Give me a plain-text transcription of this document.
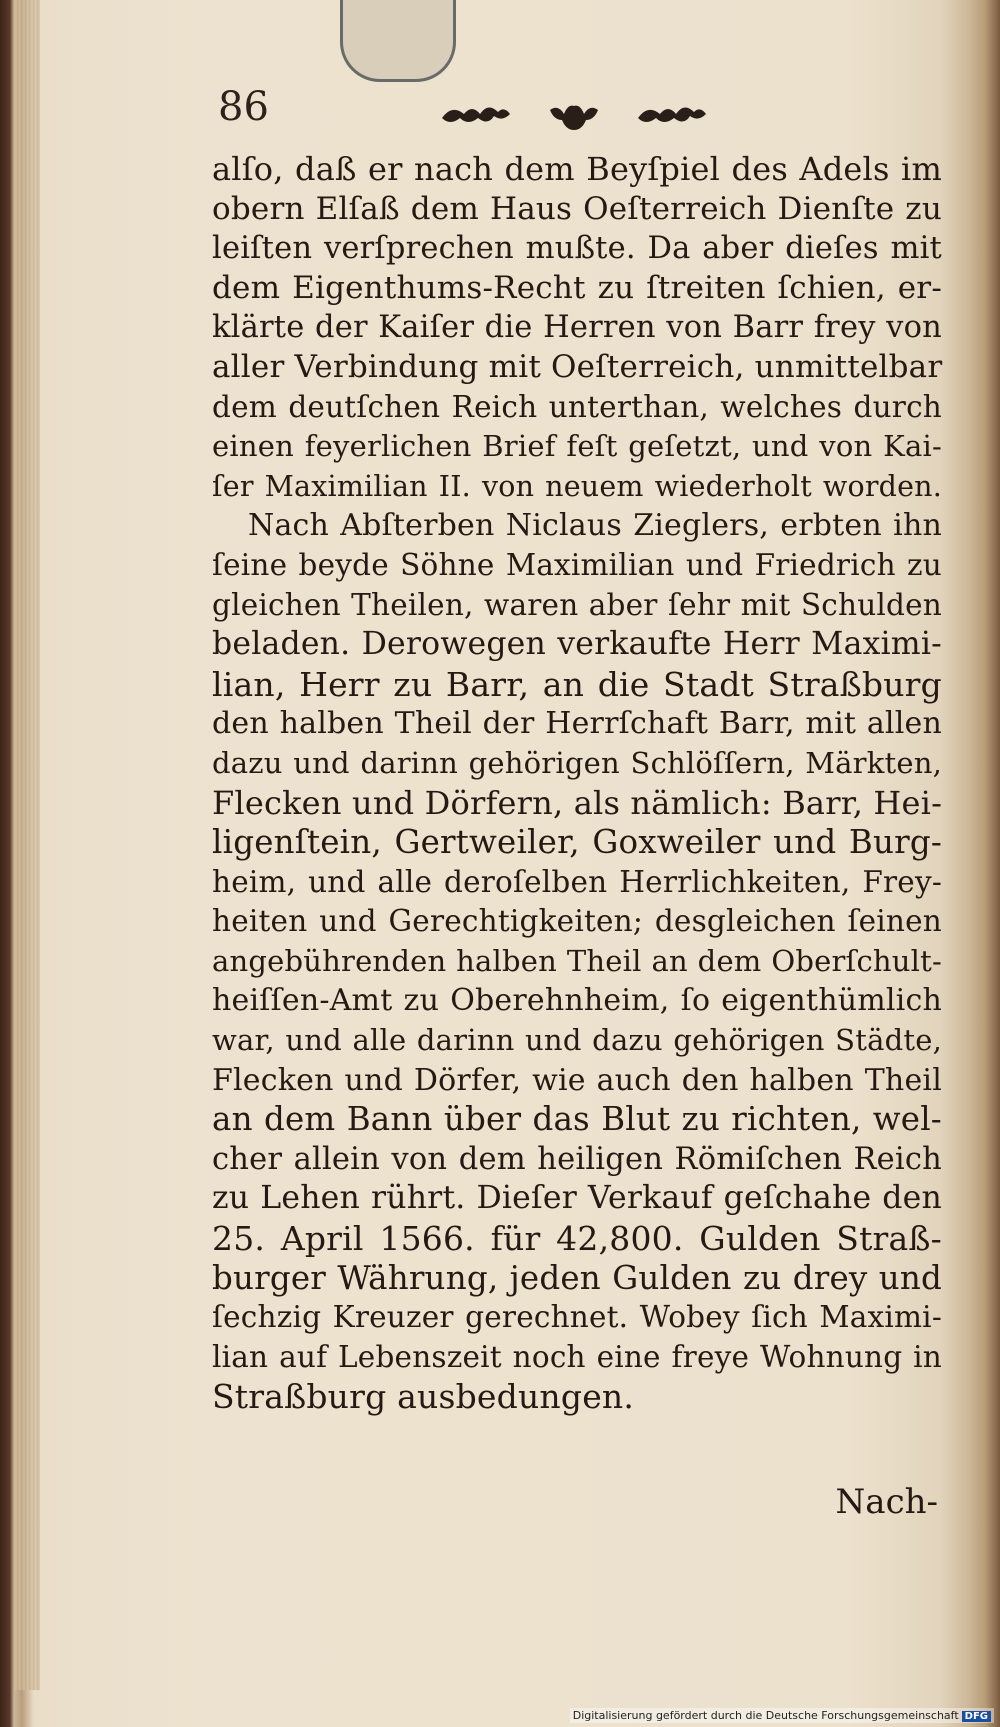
86
alſo, daß er nach dem Beyſpiel des Adels im
obern Elſaß dem Haus Oeſterreich Dienſte zu
leiſten verſprechen mußte. Da aber dieſes mit
dem Eigenthums-Recht zu ſtreiten ſchien, er-
klärte der Kaiſer die Herren von Barr frey von
aller Verbindung mit Oeſterreich, unmittelbar
dem deutſchen Reich unterthan, welches durch
einen feyerlichen Brief feſt geſetzt, und von Kai-
ſer Maximilian II. von neuem wiederholt worden.
Nach Abſterben Niclaus Zieglers, erbten ihn
ſeine beyde Söhne Maximilian und Friedrich zu
gleichen Theilen, waren aber ſehr mit Schulden
beladen. Derowegen verkaufte Herr Maximi-
lian, Herr zu Barr, an die Stadt Straßburg
den halben Theil der Herrſchaft Barr, mit allen
dazu und darinn gehörigen Schlöſſern, Märkten,
Flecken und Dörfern, als nämlich: Barr, Hei-
ligenſtein, Gertweiler, Goxweiler und Burg-
heim, und alle deroſelben Herrlichkeiten, Frey-
heiten und Gerechtigkeiten; desgleichen ſeinen
angebührenden halben Theil an dem Oberſchult-
heiſſen-Amt zu Oberehnheim, ſo eigenthümlich
war, und alle darinn und dazu gehörigen Städte,
Flecken und Dörfer, wie auch den halben Theil
an dem Bann über das Blut zu richten, wel-
cher allein von dem heiligen Römiſchen Reich
zu Lehen rührt. Dieſer Verkauf geſchahe den
25. April 1566. für 42,800. Gulden Straß-
burger Währung, jeden Gulden zu drey und
ſechzig Kreuzer gerechnet. Wobey ſich Maximi-
lian auf Lebenszeit noch eine freye Wohnung in
Straßburg ausbedungen.
Nach-
Digitalisierung gefördert durch die Deutsche Forschungsgemeinschaft DFG
